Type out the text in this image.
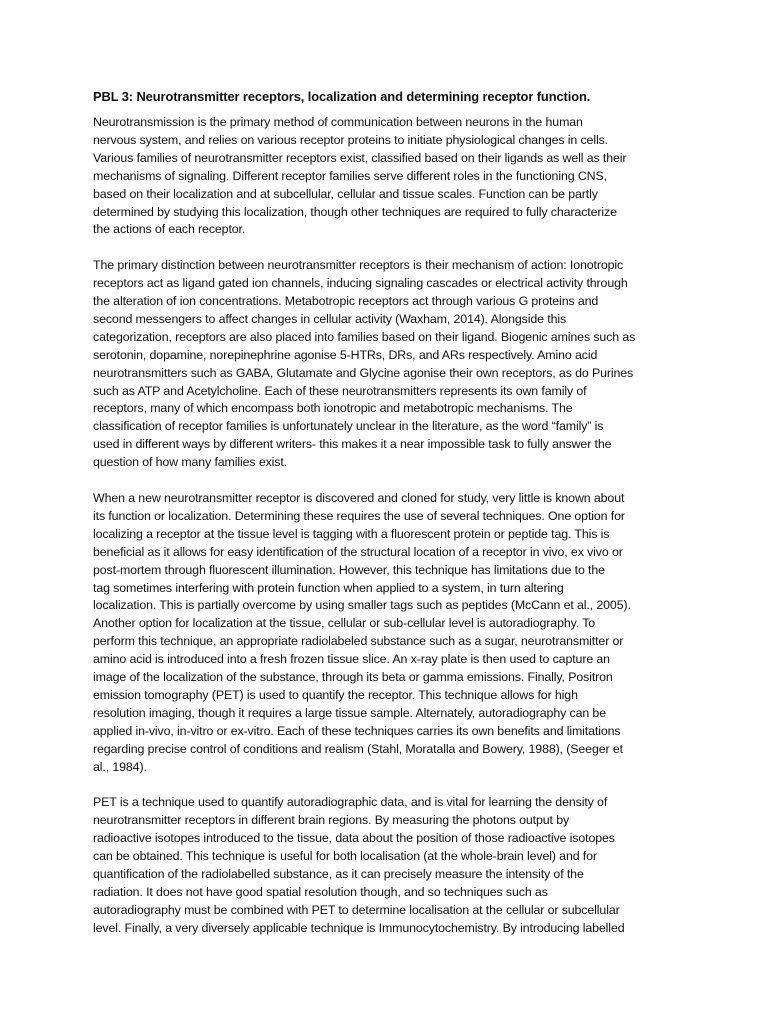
PBL 3: Neurotransmitter receptors, localization and determining receptor function.
Neurotransmission is the primary method of communication between neurons in the human
nervous system, and relies on various receptor proteins to initiate physiological changes in cells.
Various families of neurotransmitter receptors exist, classified based on their ligands as well as their
mechanisms of signaling. Different receptor families serve different roles in the functioning CNS,
based on their localization and at subcellular, cellular and tissue scales. Function can be partly
determined by studying this localization, though other techniques are required to fully characterize
the actions of each receptor.
The primary distinction between neurotransmitter receptors is their mechanism of action: Ionotropic
receptors act as ligand gated ion channels, inducing signaling cascades or electrical activity through
the alteration of ion concentrations. Metabotropic receptors act through various G proteins and
second messengers to affect changes in cellular activity (Waxham, 2014). Alongside this
categorization, receptors are also placed into families based on their ligand. Biogenic amines such as
serotonin, dopamine, norepinephrine agonise 5-HTRs, DRs, and ARs respectively. Amino acid
neurotransmitters such as GABA, Glutamate and Glycine agonise their own receptors, as do Purines
such as ATP and Acetylcholine. Each of these neurotransmitters represents its own family of
receptors, many of which encompass both ionotropic and metabotropic mechanisms. The
classification of receptor families is unfortunately unclear in the literature, as the word “family” is
used in different ways by different writers- this makes it a near impossible task to fully answer the
question of how many families exist.
When a new neurotransmitter receptor is discovered and cloned for study, very little is known about
its function or localization. Determining these requires the use of several techniques. One option for
localizing a receptor at the tissue level is tagging with a fluorescent protein or peptide tag. This is
beneficial as it allows for easy identification of the structural location of a receptor in vivo, ex vivo or
post-mortem through fluorescent illumination. However, this technique has limitations due to the
tag sometimes interfering with protein function when applied to a system, in turn altering
localization. This is partially overcome by using smaller tags such as peptides (McCann et al., 2005).
Another option for localization at the tissue, cellular or sub-cellular level is autoradiography. To
perform this technique, an appropriate radiolabeled substance such as a sugar, neurotransmitter or
amino acid is introduced into a fresh frozen tissue slice. An x-ray plate is then used to capture an
image of the localization of the substance, through its beta or gamma emissions. Finally, Positron
emission tomography (PET) is used to quantify the receptor. This technique allows for high
resolution imaging, though it requires a large tissue sample. Alternately, autoradiography can be
applied in-vivo, in-vitro or ex-vitro. Each of these techniques carries its own benefits and limitations
regarding precise control of conditions and realism (Stahl, Moratalla and Bowery, 1988), (Seeger et
al., 1984).
PET is a technique used to quantify autoradiographic data, and is vital for learning the density of
neurotransmitter receptors in different brain regions. By measuring the photons output by
radioactive isotopes introduced to the tissue, data about the position of those radioactive isotopes
can be obtained. This technique is useful for both localisation (at the whole-brain level) and for
quantification of the radiolabelled substance, as it can precisely measure the intensity of the
radiation. It does not have good spatial resolution though, and so techniques such as
autoradiography must be combined with PET to determine localisation at the cellular or subcellular
level. Finally, a very diversely applicable technique is Immunocytochemistry. By introducing labelled
